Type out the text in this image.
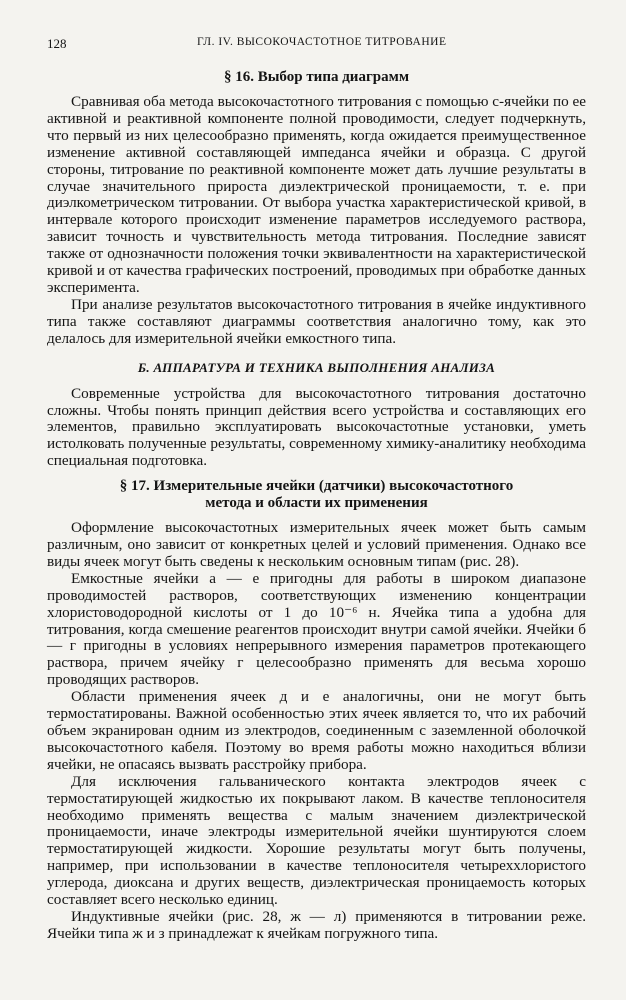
128	ГЛ. IV. ВЫСОКОЧАСТОТНОЕ ТИТРОВАНИЕ
§ 16. Выбор типа диаграмм

Сравнивая оба метода высокочастотного титрования с помощью c-ячейки по ее активной и реактивной компоненте полной проводимости, следует подчеркнуть, что первый из них целесообразно применять, когда ожидается преимущественное изменение активной составляющей импеданса ячейки и образца. С другой стороны, титрование по реактивной компоненте может дать лучшие результаты в случае значительного прироста диэлектрической проницаемости, т. е. при диэлкометрическом титровании. От выбора участка характеристической кривой, в интервале которого происходит изменение параметров исследуемого раствора, зависит точность и чувствительность метода титрования. Последние зависят также от однозначности положения точки эквивалентности на характеристической кривой и от качества графических построений, проводимых при обработке данных эксперимента.

При анализе результатов высокочастотного титрования в ячейке индуктивного типа также составляют диаграммы соответствия аналогично тому, как это делалось для измерительной ячейки емкостного типа.

Б. АППАРАТУРА И ТЕХНИКА ВЫПОЛНЕНИЯ АНАЛИЗА

Современные устройства для высокочастотного титрования достаточно сложны. Чтобы понять принцип действия всего устройства и составляющих его элементов, правильно эксплуатировать высокочастотные установки, уметь истолковать полученные результаты, современному химику-аналитику необходима специальная подготовка.

§ 17. Измерительные ячейки (датчики) высокочастотного
метода и области их применения

Оформление высокочастотных измерительных ячеек может быть самым различным, оно зависит от конкретных целей и условий применения. Однако все виды ячеек могут быть сведены к нескольким основным типам (рис. 28).

Емкостные ячейки а — е пригодны для работы в широком диапазоне проводимостей растворов, соответствующих изменению концентрации хлористоводородной кислоты от 1 до 10⁻⁶ н. Ячейка типа а удобна для титрования, когда смешение реагентов происходит внутри самой ячейки. Ячейки б — г пригодны в условиях непрерывного измерения параметров протекающего раствора, причем ячейку г целесообразно применять для весьма хорошо проводящих растворов.

Области применения ячеек д и е аналогичны, они не могут быть термостатированы. Важной особенностью этих ячеек является то, что их рабочий объем экранирован одним из электродов, соединенным с заземленной оболочкой высокочастотного кабеля. Поэтому во время работы можно находиться вблизи ячейки, не опасаясь вызвать расстройку прибора.

Для исключения гальванического контакта электродов ячеек с термостатирующей жидкостью их покрывают лаком. В качестве теплоносителя необходимо применять вещества с малым значением диэлектрической проницаемости, иначе электроды измерительной ячейки шунтируются слоем термостатирующей жидкости. Хорошие результаты могут быть получены, например, при использовании в качестве теплоносителя четыреххлористого углерода, диоксана и других веществ, диэлектрическая проницаемость которых составляет всего несколько единиц.

Индуктивные ячейки (рис. 28, ж — л) применяются в титровании реже. Ячейки типа ж и з принадлежат к ячейкам погружного типа.
